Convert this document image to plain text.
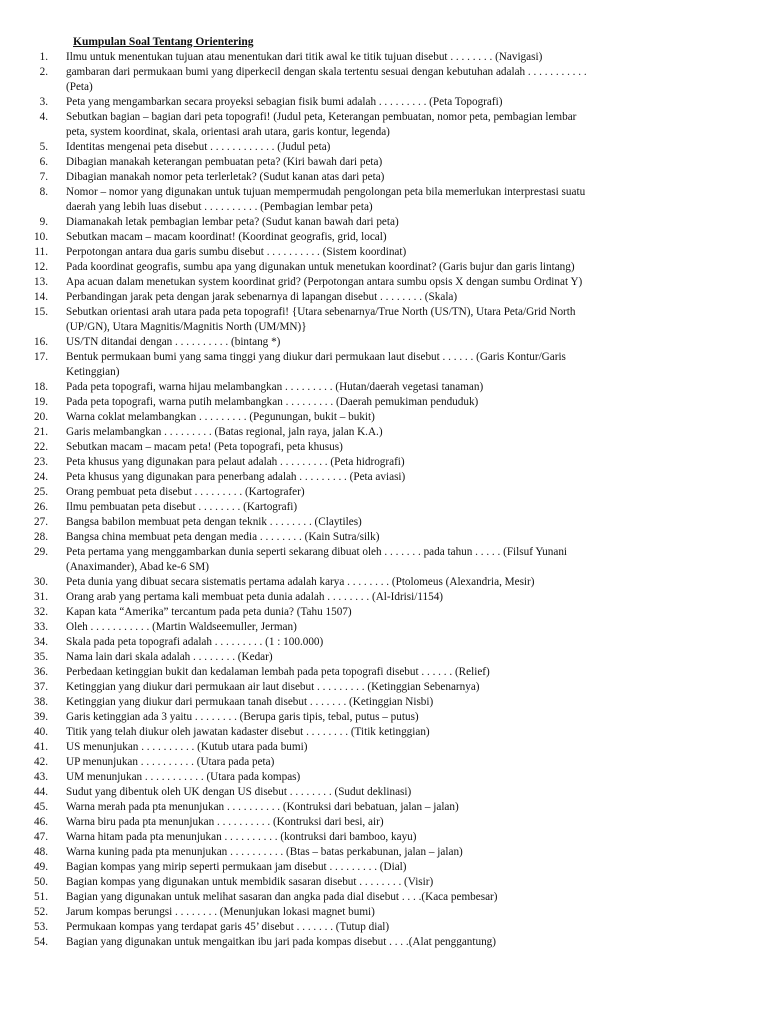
Kumpulan Soal Tentang Orientering
1 .	Ilmu untuk menentukan tujuan atau menentukan dari titik awal ke titik tujuan disebut . . . . . . . . (Navigasi)
2 .	gambaran dari permukaan bumi yang diperkecil dengan skala tertentu sesuai dengan kebutuhan adalah . . . . . . . . . . .
(Peta)
3 .	Peta yang mengambarkan secara proyeksi sebagian fisik bumi adalah . . . . . . . . . (Peta Topografi)
4 .	Sebutkan bagian – bagian dari peta topografi! (Judul peta, Keterangan pembuatan, nomor peta, pembagian lembar
peta, system koordinat, skala, orientasi arah utara, garis kontur, legenda)
5 .	Identitas mengenai peta disebut . . . . . . . . . . . . (Judul peta)
6 .	Dibagian manakah keterangan pembuatan peta? (Kiri bawah dari peta)
7 .	Dibagian manakah nomor peta terlerletak? (Sudut kanan atas dari peta)
8 .	Nomor – nomor yang digunakan untuk tujuan mempermudah pengolongan peta bila memerlukan interprestasi suatu
daerah yang lebih luas disebut . . . . . . . . . . (Pembagian lembar peta)
9 .	Diamanakah letak pembagian lembar peta? (Sudut kanan bawah dari peta)
10 .	Sebutkan macam – macam koordinat! (Koordinat geografis, grid, local)
11 .	Perpotongan antara dua garis sumbu disebut . . . . . . . . . . (Sistem koordinat)
12 .	Pada koordinat geografis, sumbu apa yang digunakan untuk menetukan koordinat? (Garis bujur dan garis lintang)
13 .	Apa acuan dalam menetukan system koordinat grid? (Perpotongan antara sumbu opsis X dengan sumbu Ordinat Y)
14 .	Perbandingan jarak peta dengan jarak sebenarnya di lapangan disebut . . . . . . . . (Skala)
15 .	Sebutkan orientasi arah utara pada peta topografi! {Utara sebenarnya/True North (US/TN), Utara Peta/Grid North
(UP/GN), Utara Magnitis/Magnitis North (UM/MN)}
16 .	US/TN ditandai dengan . . . . . . . . . . (bintang *)
17 .	Bentuk permukaan bumi yang sama tinggi yang diukur dari permukaan laut disebut . . . . . . (Garis Kontur/Garis
Ketinggian)
18 .	Pada peta topografi, warna hijau melambangkan . . . . . . . . . (Hutan/daerah vegetasi tanaman)
19 .	Pada peta topografi, warna putih melambangkan . . . . . . . . . (Daerah pemukiman penduduk)
20 .	Warna coklat melambangkan . . . . . . . . . (Pegunungan, bukit – bukit)
21 .	Garis melambangkan . . . . . . . . . (Batas regional, jaln raya, jalan K.A.)
22 .	Sebutkan macam – macam peta! (Peta topografi, peta khusus)
23 .	Peta khusus yang digunakan para pelaut adalah . . . . . . . . . (Peta hidrografi)
24 .	Peta khusus yang digunakan para penerbang adalah . . . . . . . . . (Peta aviasi)
25 .	Orang pembuat peta disebut . . . . . . . . . (Kartografer)
26 .	Ilmu pembuatan peta disebut . . . . . . . . (Kartografi)
27 .	Bangsa babilon membuat peta dengan teknik . . . . . . . . (Claytiles)
28 .	Bangsa china membuat peta dengan media . . . . . . . . (Kain Sutra/silk)
29 .	Peta pertama yang menggambarkan dunia seperti sekarang dibuat oleh . . . . . . . pada tahun . . . . . (Filsuf Yunani
(Anaximander), Abad ke-6 SM)
30 .	Peta dunia yang dibuat secara sistematis pertama adalah karya . . . . . . . . (Ptolomeus (Alexandria, Mesir)
31 .	Orang arab yang pertama kali membuat peta dunia adalah . . . . . . . . (Al-Idrisi/1154)
32 .	Kapan kata “Amerika” tercantum pada peta dunia? (Tahu 1507)
33 .	Oleh . . . . . . . . . . . (Martin Waldseemuller, Jerman)
34 .	Skala pada peta topografi adalah . . . . . . . . . (1 : 100.000)
35 .	Nama lain dari skala adalah . . . . . . . . (Kedar)
36 .	Perbedaan ketinggian bukit dan kedalaman lembah pada peta topografi disebut . . . . . . (Relief)
37 .	Ketinggian yang diukur dari permukaan air laut disebut . . . . . . . . . (Ketinggian Sebenarnya)
38 .	Ketinggian yang diukur dari permukaan tanah disebut . . . . . . . (Ketinggian Nisbi)
39 .	Garis ketinggian ada 3 yaitu . . . . . . . . (Berupa garis tipis, tebal, putus – putus)
40 .	Titik yang telah diukur oleh jawatan kadaster disebut . . . . . . . . (Titik ketinggian)
41 .	US menunjukan . . . . . . . . . . (Kutub utara pada bumi)
42 .	UP menunjukan . . . . . . . . . . (Utara pada peta)
43 .	UM menunjukan . . . . . . . . . . . (Utara pada kompas)
44 .	Sudut yang dibentuk oleh UK dengan US disebut . . . . . . . . (Sudut deklinasi)
45 .	Warna merah pada pta menunjukan . . . . . . . . . . (Kontruksi dari bebatuan, jalan – jalan)
46 .	Warna biru pada pta menunjukan . . . . . . . . . . (Kontruksi dari besi, air)
47 .	Warna hitam pada pta menunjukan . . . . . . . . . . (kontruksi dari bamboo, kayu)
48 .	Warna kuning pada pta menunjukan . . . . . . . . . . (Btas – batas perkabunan, jalan – jalan)
49 .	Bagian kompas yang mirip seperti permukaan jam disebut . . . . . . . . . (Dial)
50 .	Bagian kompas yang digunakan untuk membidik sasaran disebut . . . . . . . . (Visir)
51 .	Bagian yang digunakan untuk melihat sasaran dan angka pada dial disebut . . . .(Kaca pembesar)
52 .	Jarum kompas berungsi . . . . . . . . (Menunjukan lokasi magnet bumi)
53 .	Permukaan kompas yang terdapat garis 45’ disebut . . . . . . . (Tutup dial)
54 .	Bagian yang digunakan untuk mengaitkan ibu jari pada kompas disebut . . . .(Alat penggantung)
